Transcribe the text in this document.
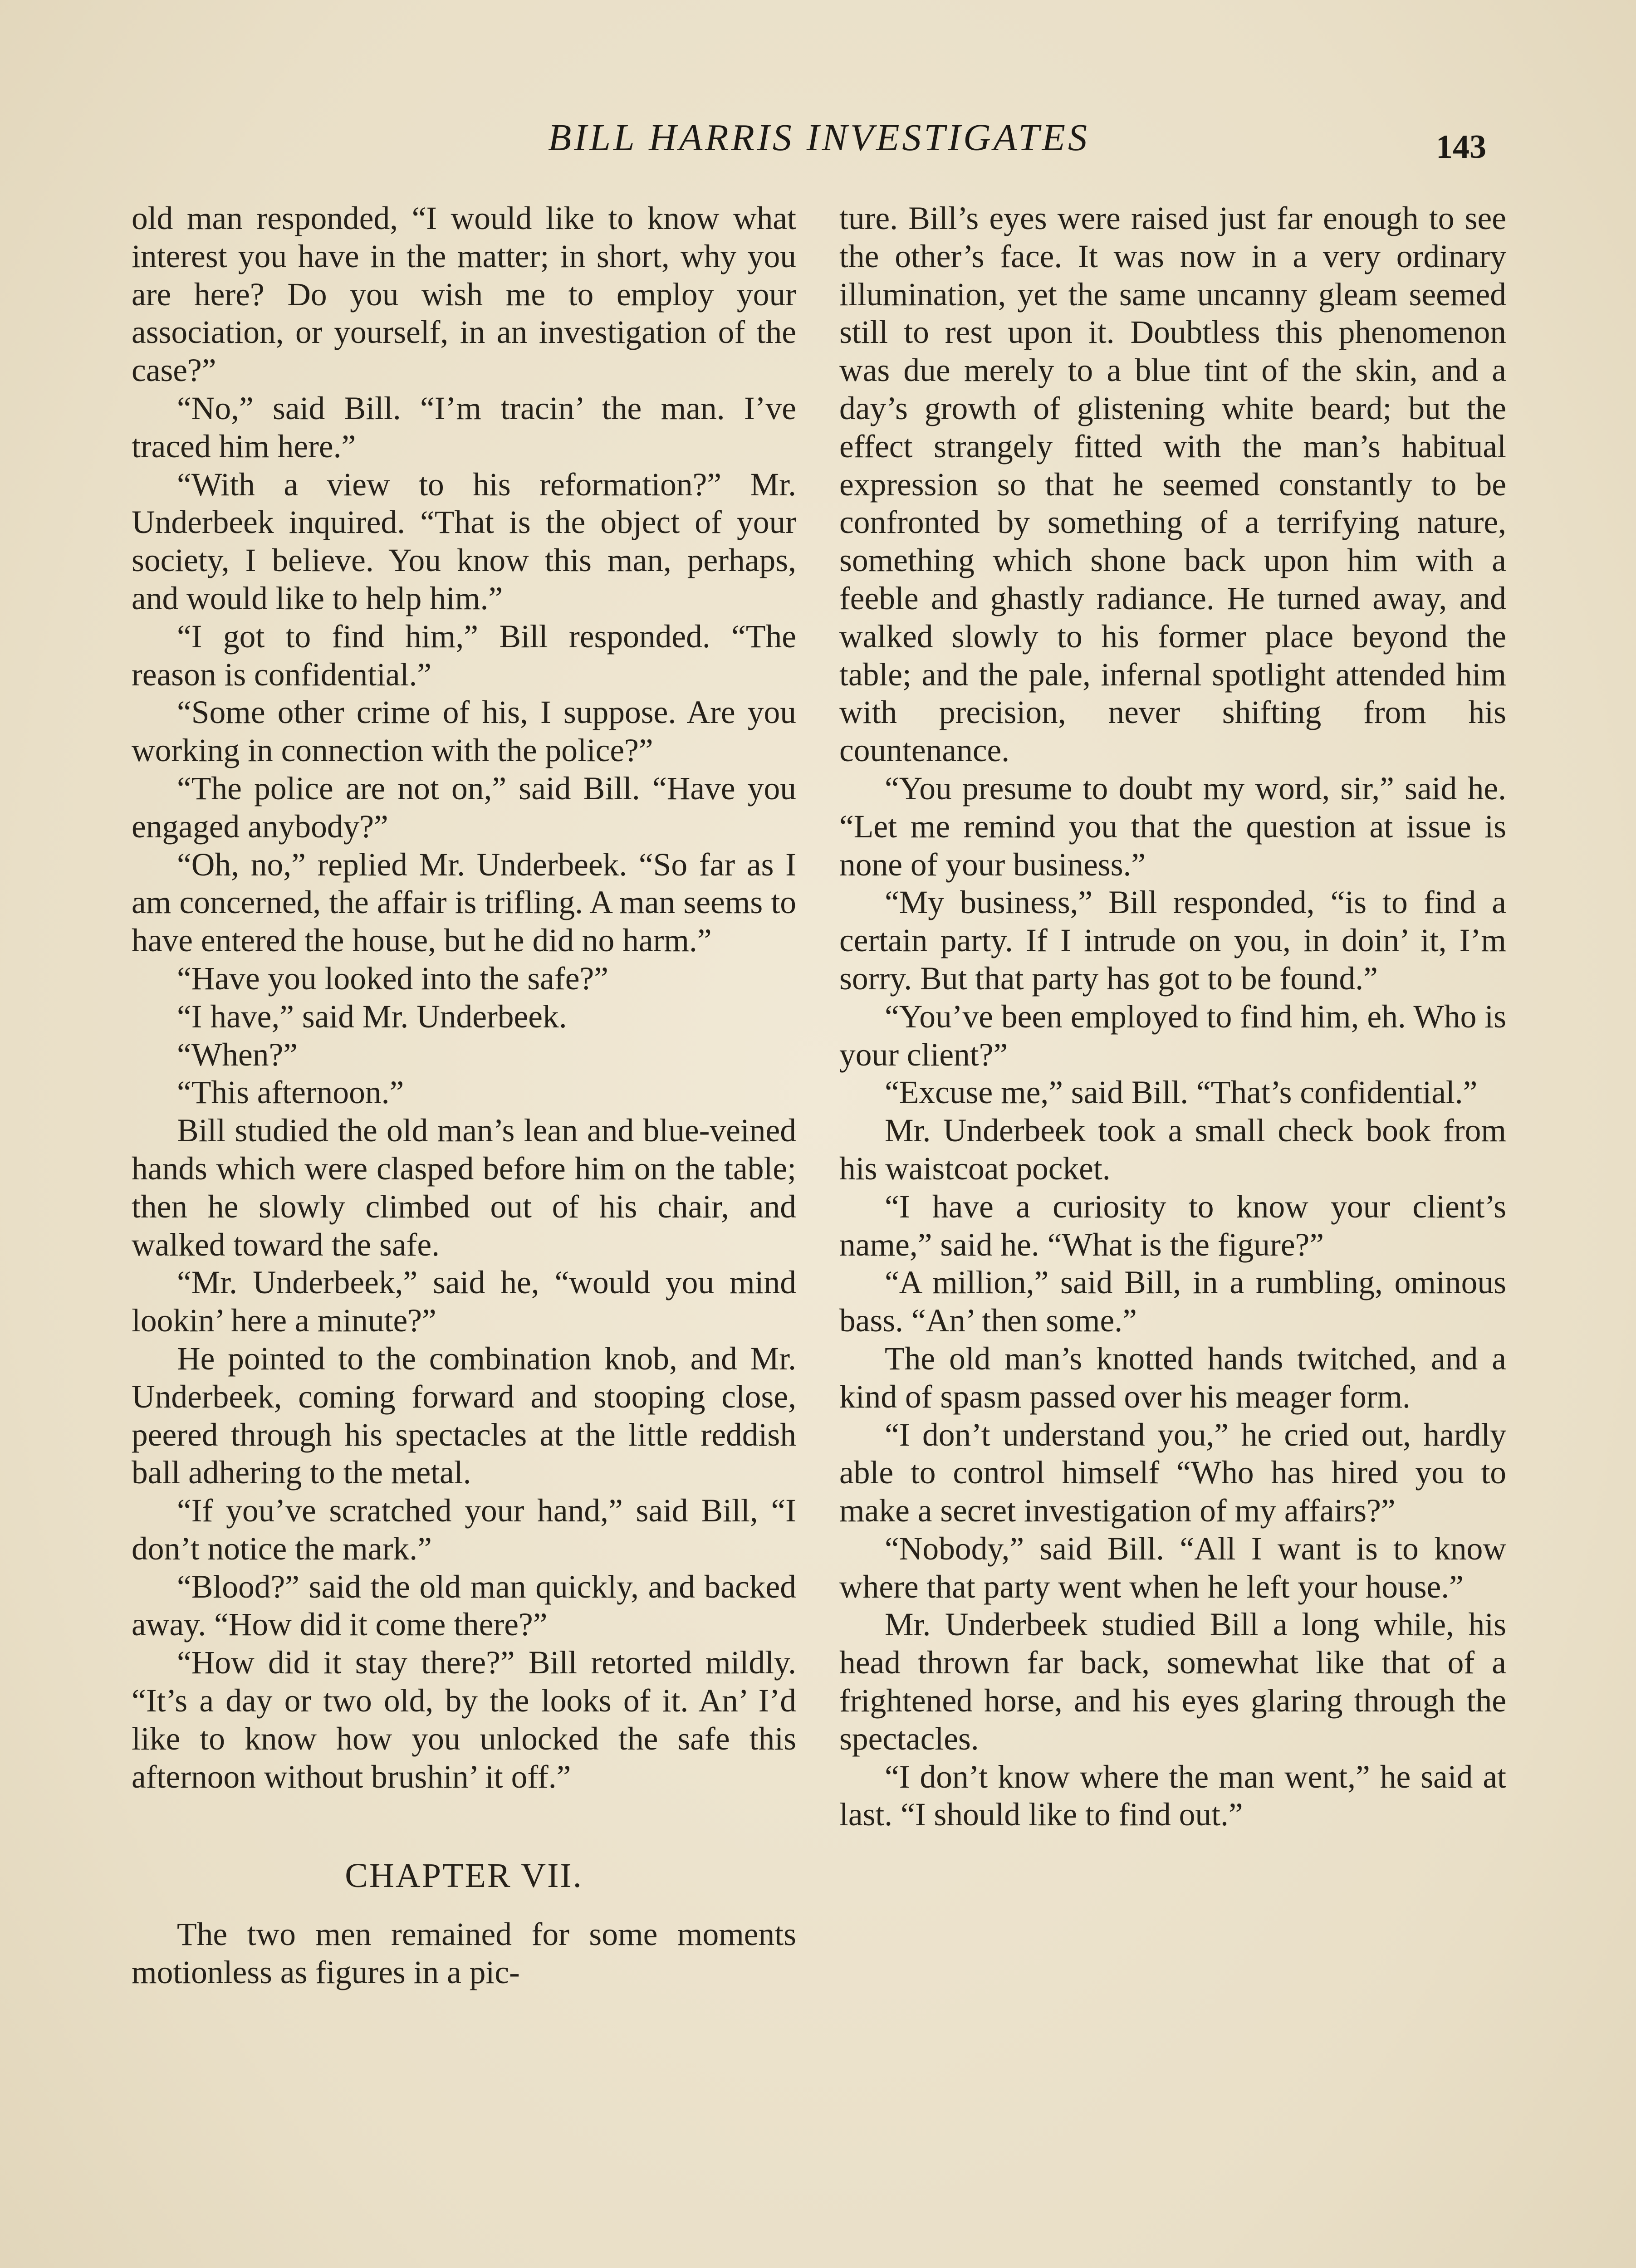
BILL HARRIS INVESTIGATES	143

old man responded, “I would like to know what interest you have in the matter; in short, why you are here? Do you wish me to employ your association, or yourself, in an investigation of the case?”

“No,” said Bill. “I’m tracin’ the man. I’ve traced him here.”

“With a view to his reformation?” Mr. Underbeek inquired. “That is the object of your society, I believe. You know this man, perhaps, and would like to help him.”

“I got to find him,” Bill responded. “The reason is confidential.”

“Some other crime of his, I suppose. Are you working in connection with the police?”

“The police are not on,” said Bill. “Have you engaged anybody?”

“Oh, no,” replied Mr. Underbeek. “So far as I am concerned, the affair is trifling. A man seems to have entered the house, but he did no harm.”

“Have you looked into the safe?”

“I have,” said Mr. Underbeek.

“When?”

“This afternoon.”

Bill studied the old man’s lean and blue-veined hands which were clasped before him on the table; then he slowly climbed out of his chair, and walked toward the safe.

“Mr. Underbeek,” said he, “would you mind lookin’ here a minute?”

He pointed to the combination knob, and Mr. Underbeek, coming forward and stooping close, peered through his spectacles at the little reddish ball adhering to the metal.

“If you’ve scratched your hand,” said Bill, “I don’t notice the mark.”

“Blood?” said the old man quickly, and backed away. “How did it come there?”

“How did it stay there?” Bill retorted mildly. “It’s a day or two old, by the looks of it. An’ I’d like to know how you unlocked the safe this afternoon without brushin’ it off.”

CHAPTER VII.

The two men remained for some moments motionless as figures in a pic-

ture. Bill’s eyes were raised just far enough to see the other’s face. It was now in a very ordinary illumination, yet the same uncanny gleam seemed still to rest upon it. Doubtless this phenomenon was due merely to a blue tint of the skin, and a day’s growth of glistening white beard; but the effect strangely fitted with the man’s habitual expression so that he seemed constantly to be confronted by something of a terrifying nature, something which shone back upon him with a feeble and ghastly radiance. He turned away, and walked slowly to his former place beyond the table; and the pale, infernal spotlight attended him with precision, never shifting from his countenance.

“You presume to doubt my word, sir,” said he. “Let me remind you that the question at issue is none of your business.”

“My business,” Bill responded, “is to find a certain party. If I intrude on you, in doin’ it, I’m sorry. But that party has got to be found.”

“You’ve been employed to find him, eh. Who is your client?”

“Excuse me,” said Bill. “That’s confidential.”

Mr. Underbeek took a small check book from his waistcoat pocket.

“I have a curiosity to know your client’s name,” said he. “What is the figure?”

“A million,” said Bill, in a rumbling, ominous bass. “An’ then some.”

The old man’s knotted hands twitched, and a kind of spasm passed over his meager form.

“I don’t understand you,” he cried out, hardly able to control himself “Who has hired you to make a secret investigation of my affairs?”

“Nobody,” said Bill. “All I want is to know where that party went when he left your house.”

Mr. Underbeek studied Bill a long while, his head thrown far back, somewhat like that of a frightened horse, and his eyes glaring through the spectacles.

“I don’t know where the man went,” he said at last. “I should like to find out.”
